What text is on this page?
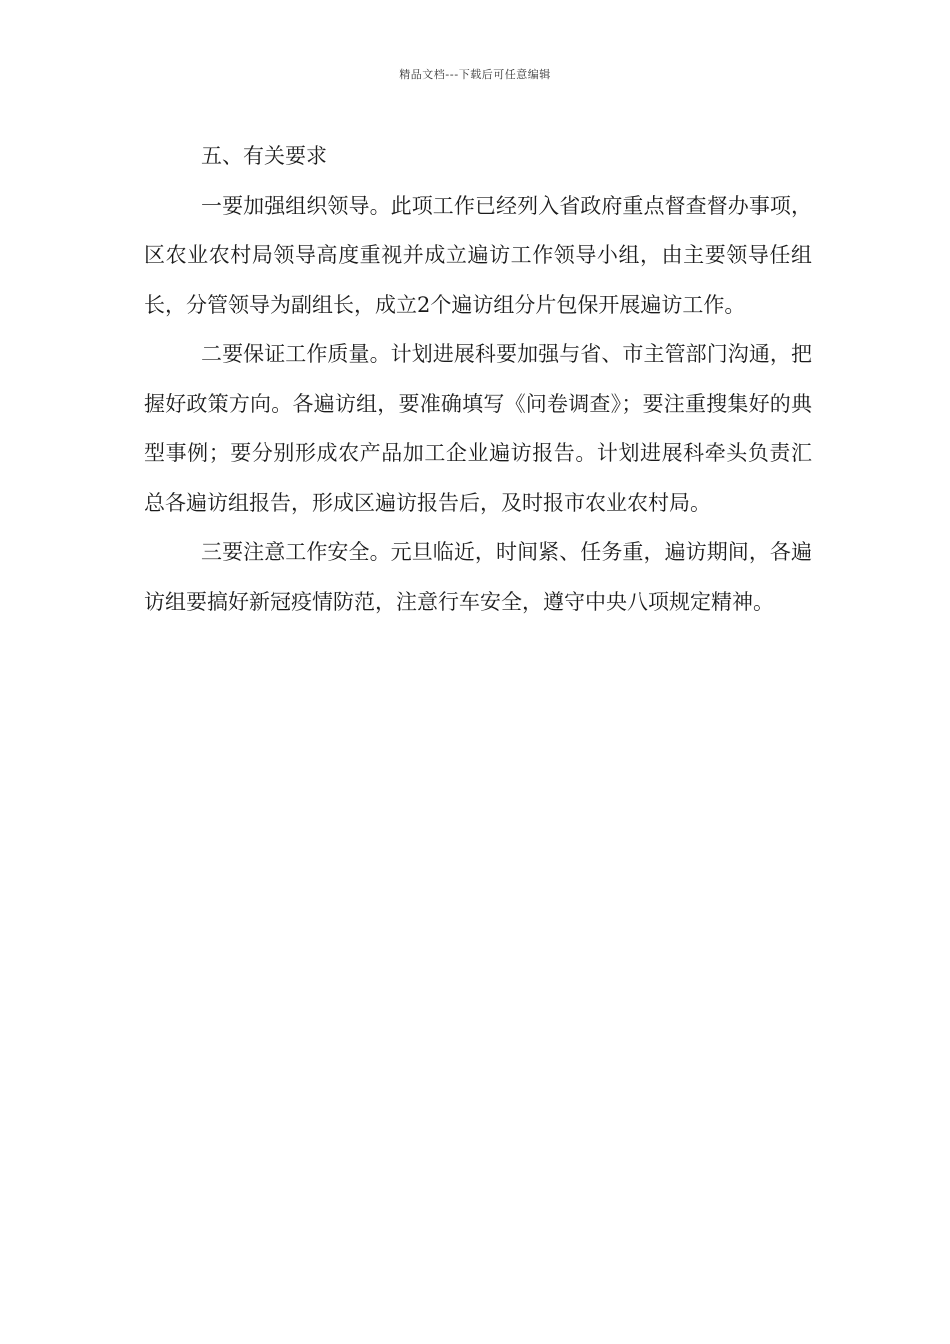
精品文档---下载后可任意编辑

五、有关要求

一要加强组织领导。此项工作已经列入省政府重点督查督办事项，区农业农村局领导高度重视并成立遍访工作领导小组，由主要领导任组长，分管领导为副组长，成立2个遍访组分片包保开展遍访工作。

二要保证工作质量。计划进展科要加强与省、市主管部门沟通，把握好政策方向。各遍访组，要准确填写《问卷调查》；要注重搜集好的典型事例；要分别形成农产品加工企业遍访报告。计划进展科牵头负责汇总各遍访组报告，形成区遍访报告后，及时报市农业农村局。

三要注意工作安全。元旦临近，时间紧、任务重，遍访期间，各遍访组要搞好新冠疫情防范，注意行车安全，遵守中央八项规定精神。
